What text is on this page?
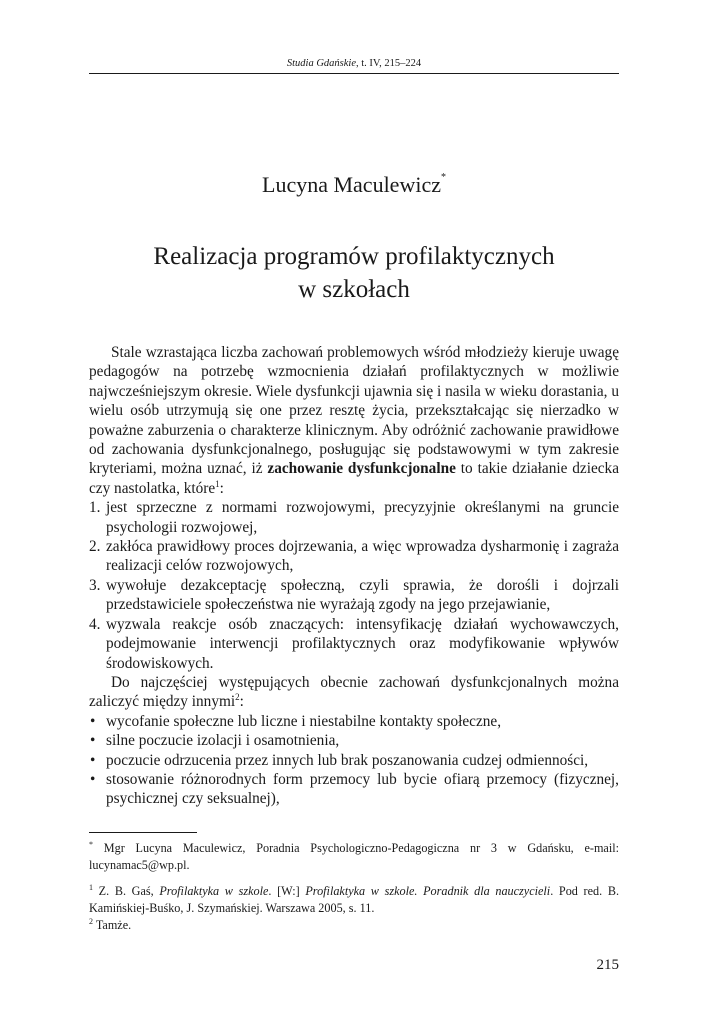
Studia Gdańskie, t. IV, 215–224
Lucyna Maculewicz*
Realizacja programów profilaktycznych
w szkołach

Stale wzrastająca liczba zachowań problemowych wśród młodzieży kieruje uwagę pedagogów na potrzebę wzmocnienia działań profilaktycznych w możliwie najwcześniejszym okresie. Wiele dysfunkcji ujawnia się i nasila w wieku dorastania, u wielu osób utrzymują się one przez resztę życia, przekształcając się nierzadko w poważne zaburzenia o charakterze klinicznym. Aby odróżnić zachowanie prawidłowe od zachowania dysfunkcjonalnego, posługując się podstawowymi w tym zakresie kryteriami, można uznać, iż zachowanie dysfunkcjonalne to takie działanie dziecka czy nastolatka, które$^1$:

1. jest sprzeczne z normami rozwojowymi, precyzyjnie określanymi na gruncie psychologii rozwojowej,
2. zakłóca prawidłowy proces dojrzewania, a więc wprowadza dysharmonię i zagraża realizacji celów rozwojowych,
3. wywołuje dezakceptację społeczną, czyli sprawia, że dorośli i dojrzali przedstawiciele społeczeństwa nie wyrażają zgody na jego przejawianie,
4. wyzwala reakcje osób znaczących: intensyfikację działań wychowawczych, podejmowanie interwencji profilaktycznych oraz modyfikowanie wpływów środowiskowych.

Do najczęściej występujących obecnie zachowań dysfunkcjonalnych można zaliczyć między innymi$^2$:

• wycofanie społeczne lub liczne i niestabilne kontakty społeczne,
• silne poczucie izolacji i osamotnienia,
• poczucie odrzucenia przez innych lub brak poszanowania cudzej odmienności,
• stosowanie różnorodnych form przemocy lub bycie ofiarą przemocy (fizycznej, psychicznej czy seksualnej),

* Mgr Lucyna Maculewicz, Poradnia Psychologiczno-Pedagogiczna nr 3 w Gdańsku, e-mail: lucynamac5@wp.pl.

$^1$ Z. B. Gaś, Profilaktyka w szkole. [W:] Profilaktyka w szkole. Poradnik dla nauczycieli. Pod red. B. Kamińskiej-Buśko, J. Szymańskiej. Warszawa 2005, s. 11.

$^2$ Tamże.

215
